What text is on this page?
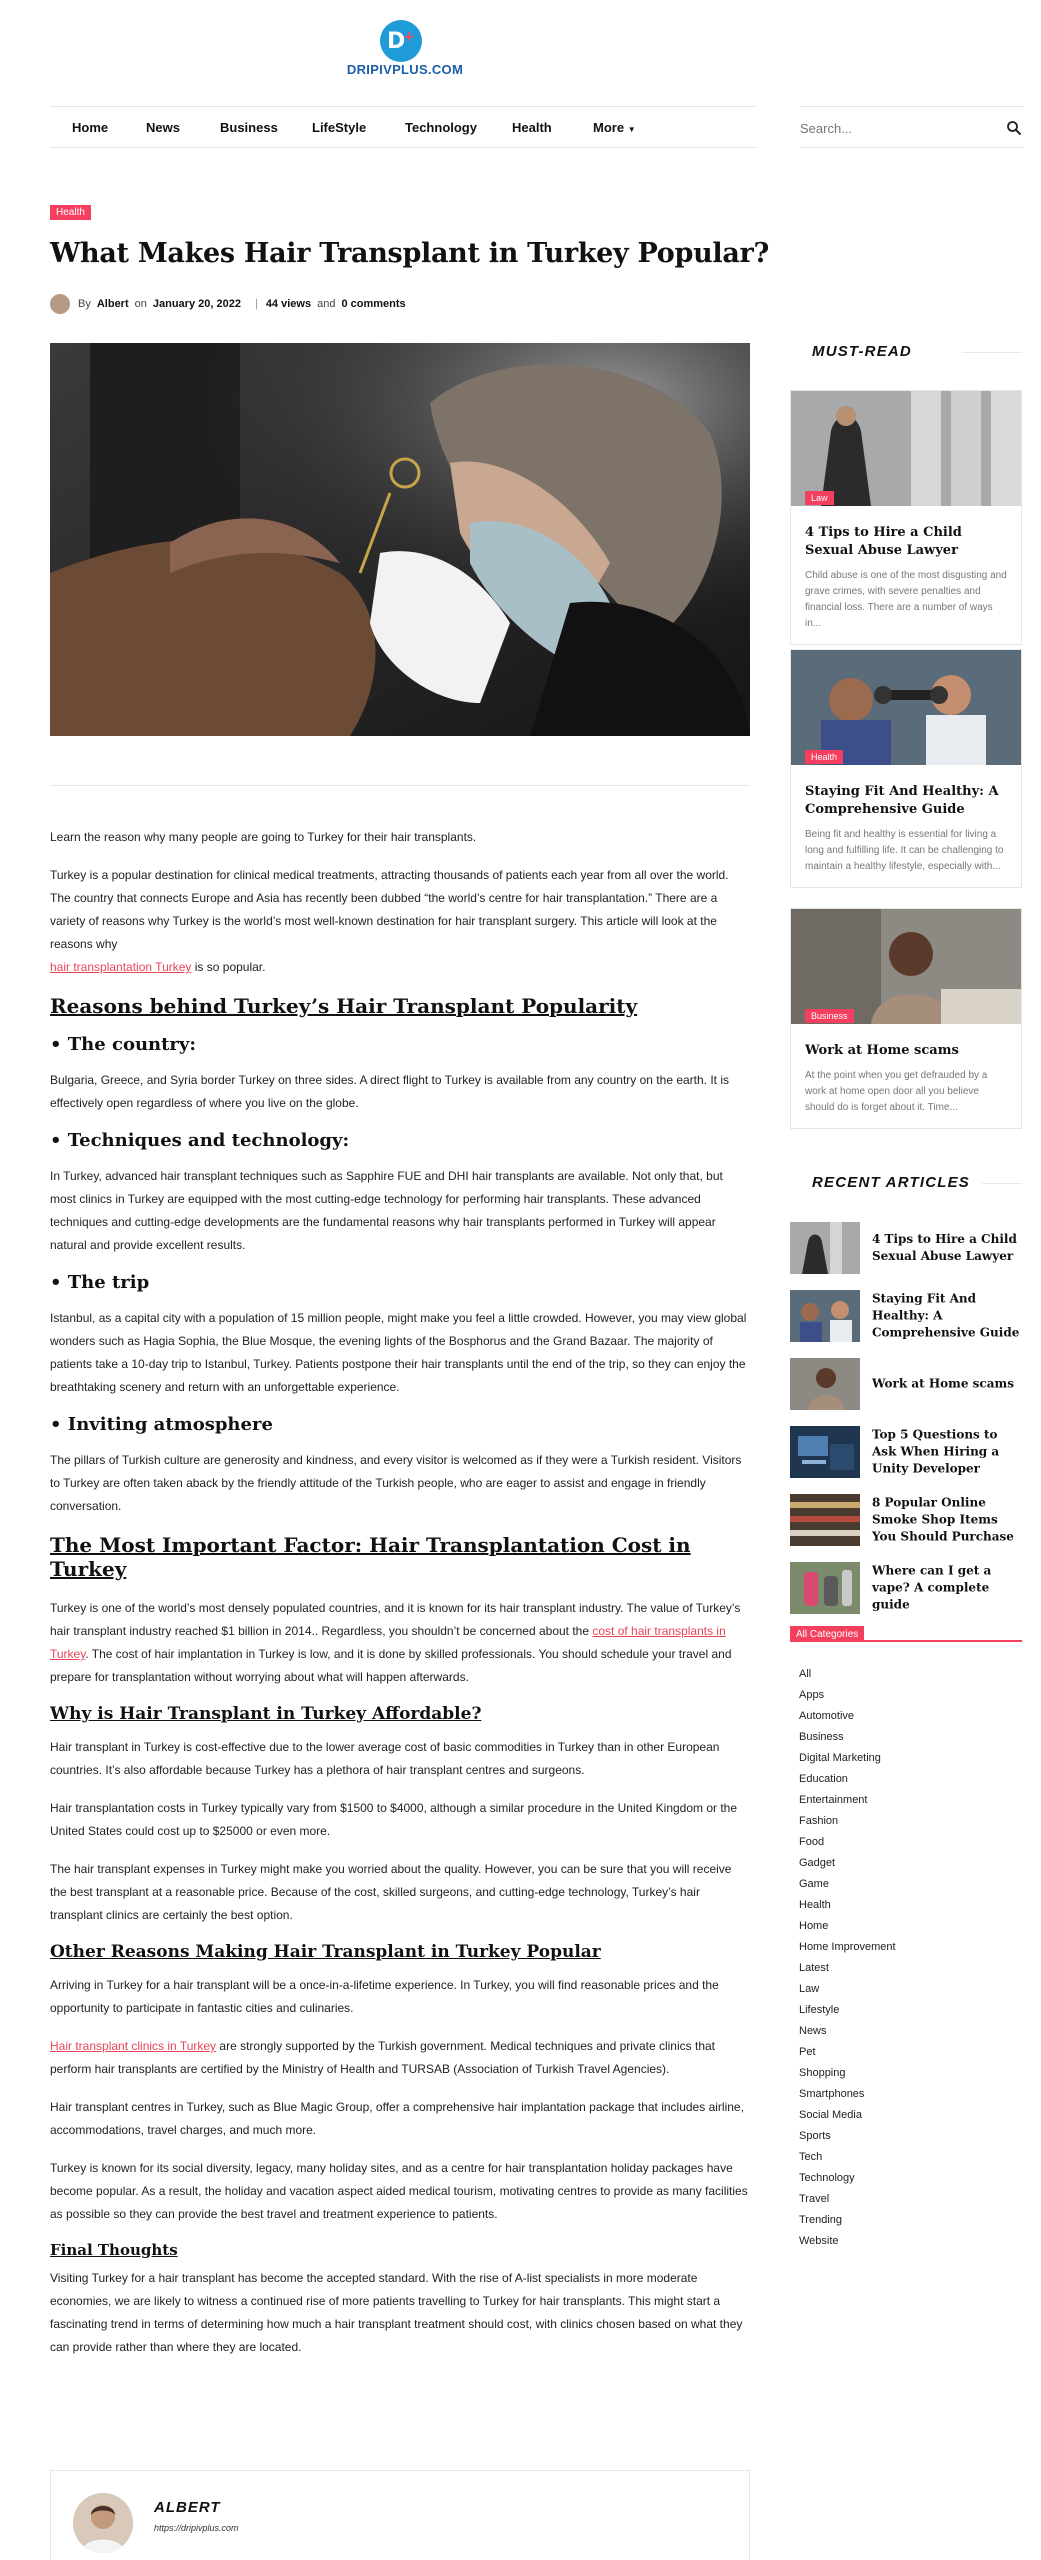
D
+
DRIPIVPLUS.COM
Home	News	Business	LifeStyle	Technology	Health	More ▼
Search...
Health
What Makes Hair Transplant in Turkey Popular?
By Albert on January 20, 2022 | 44 views and 0 comments

Learn the reason why many people are going to Turkey for their hair transplants.

Turkey is a popular destination for clinical medical treatments, attracting thousands of patients each year from all over the world. The country that connects Europe and Asia has recently been dubbed “the world’s centre for hair transplantation.” There are a variety of reasons why Turkey is the world’s most well-known destination for hair transplant surgery. This article will look at the reasons why
hair transplantation Turkey is so popular.

Reasons behind Turkey’s Hair Transplant Popularity
• The country:

Bulgaria, Greece, and Syria border Turkey on three sides. A direct flight to Turkey is available from any country on the earth. It is effectively open regardless of where you live on the globe.

• Techniques and technology:

In Turkey, advanced hair transplant techniques such as Sapphire FUE and DHI hair transplants are available. Not only that, but most clinics in Turkey are equipped with the most cutting-edge technology for performing hair transplants. These advanced techniques and cutting-edge developments are the fundamental reasons why hair transplants performed in Turkey will appear natural and provide excellent results.

• The trip

Istanbul, as a capital city with a population of 15 million people, might make you feel a little crowded. However, you may view global wonders such as Hagia Sophia, the Blue Mosque, the evening lights of the Bosphorus and the Grand Bazaar. The majority of patients take a 10-day trip to Istanbul, Turkey. Patients postpone their hair transplants until the end of the trip, so they can enjoy the breathtaking scenery and return with an unforgettable experience.

• Inviting atmosphere

The pillars of Turkish culture are generosity and kindness, and every visitor is welcomed as if they were a Turkish resident. Visitors to Turkey are often taken aback by the friendly attitude of the Turkish people, who are eager to assist and engage in friendly conversation.

The Most Important Factor: Hair Transplantation Cost in Turkey

Turkey is one of the world’s most densely populated countries, and it is known for its hair transplant industry. The value of Turkey’s hair transplant industry reached $1 billion in 2014.. Regardless, you shouldn’t be concerned about the cost of hair transplants in Turkey. The cost of hair implantation in Turkey is low, and it is done by skilled professionals. You should schedule your travel and prepare for transplantation without worrying about what will happen afterwards.

Why is Hair Transplant in Turkey Affordable?

Hair transplant in Turkey is cost-effective due to the lower average cost of basic commodities in Turkey than in other European countries. It’s also affordable because Turkey has a plethora of hair transplant centres and surgeons.

Hair transplantation costs in Turkey typically vary from $1500 to $4000, although a similar procedure in the United Kingdom or the United States could cost up to $25000 or even more.

The hair transplant expenses in Turkey might make you worried about the quality. However, you can be sure that you will receive the best transplant at a reasonable price. Because of the cost, skilled surgeons, and cutting-edge technology, Turkey’s hair transplant clinics are certainly the best option.

Other Reasons Making Hair Transplant in Turkey Popular

Arriving in Turkey for a hair transplant will be a once-in-a-lifetime experience. In Turkey, you will find reasonable prices and the opportunity to participate in fantastic cities and culinaries.

Hair transplant clinics in Turkey are strongly supported by the Turkish government. Medical techniques and private clinics that perform hair transplants are certified by the Ministry of Health and TURSAB (Association of Turkish Travel Agencies).

Hair transplant centres in Turkey, such as Blue Magic Group, offer a comprehensive hair implantation package that includes airline, accommodations, travel charges, and much more.

Turkey is known for its social diversity, legacy, many holiday sites, and as a centre for hair transplantation holiday packages have become popular. As a result, the holiday and vacation aspect aided medical tourism, motivating centres to provide as many facilities as possible so they can provide the best travel and treatment experience to patients.

Final Thoughts

Visiting Turkey for a hair transplant has become the accepted standard. With the rise of A-list specialists in more moderate economies, we are likely to witness a continued rise of more patients travelling to Turkey for hair transplants. This might start a fascinating trend in terms of determining how much a hair transplant treatment should cost, with clinics chosen based on what they can provide rather than where they are located.

ALBERT
https://dripivplus.com
MUST-READ
Law
4 Tips to Hire a Child Sexual Abuse Lawyer
Child abuse is one of the most disgusting and grave crimes, with severe penalties and financial loss. There are a number of ways in...
Health
Staying Fit And Healthy: A Comprehensive Guide
Being fit and healthy is essential for living a long and fulfilling life. It can be challenging to maintain a healthy lifestyle, especially with...
Business
Work at Home scams
At the point when you get defrauded by a work at home open door all you believe should do is forget about it. Time...
RECENT ARTICLES
4 Tips to Hire a Child Sexual Abuse Lawyer
Staying Fit And Healthy: A Comprehensive Guide
Work at Home scams
Top 5 Questions to Ask When Hiring a Unity Developer
8 Popular Online Smoke Shop Items You Should Purchase
Where can I get a vape? A complete guide
All Categories
All
Apps
Automotive
Business
Digital Marketing
Education
Entertainment
Fashion
Food
Gadget
Game
Health
Home
Home Improvement
Latest
Law
Lifestyle
News
Pet
Shopping
Smartphones
Social Media
Sports
Tech
Technology
Travel
Trending
Website
